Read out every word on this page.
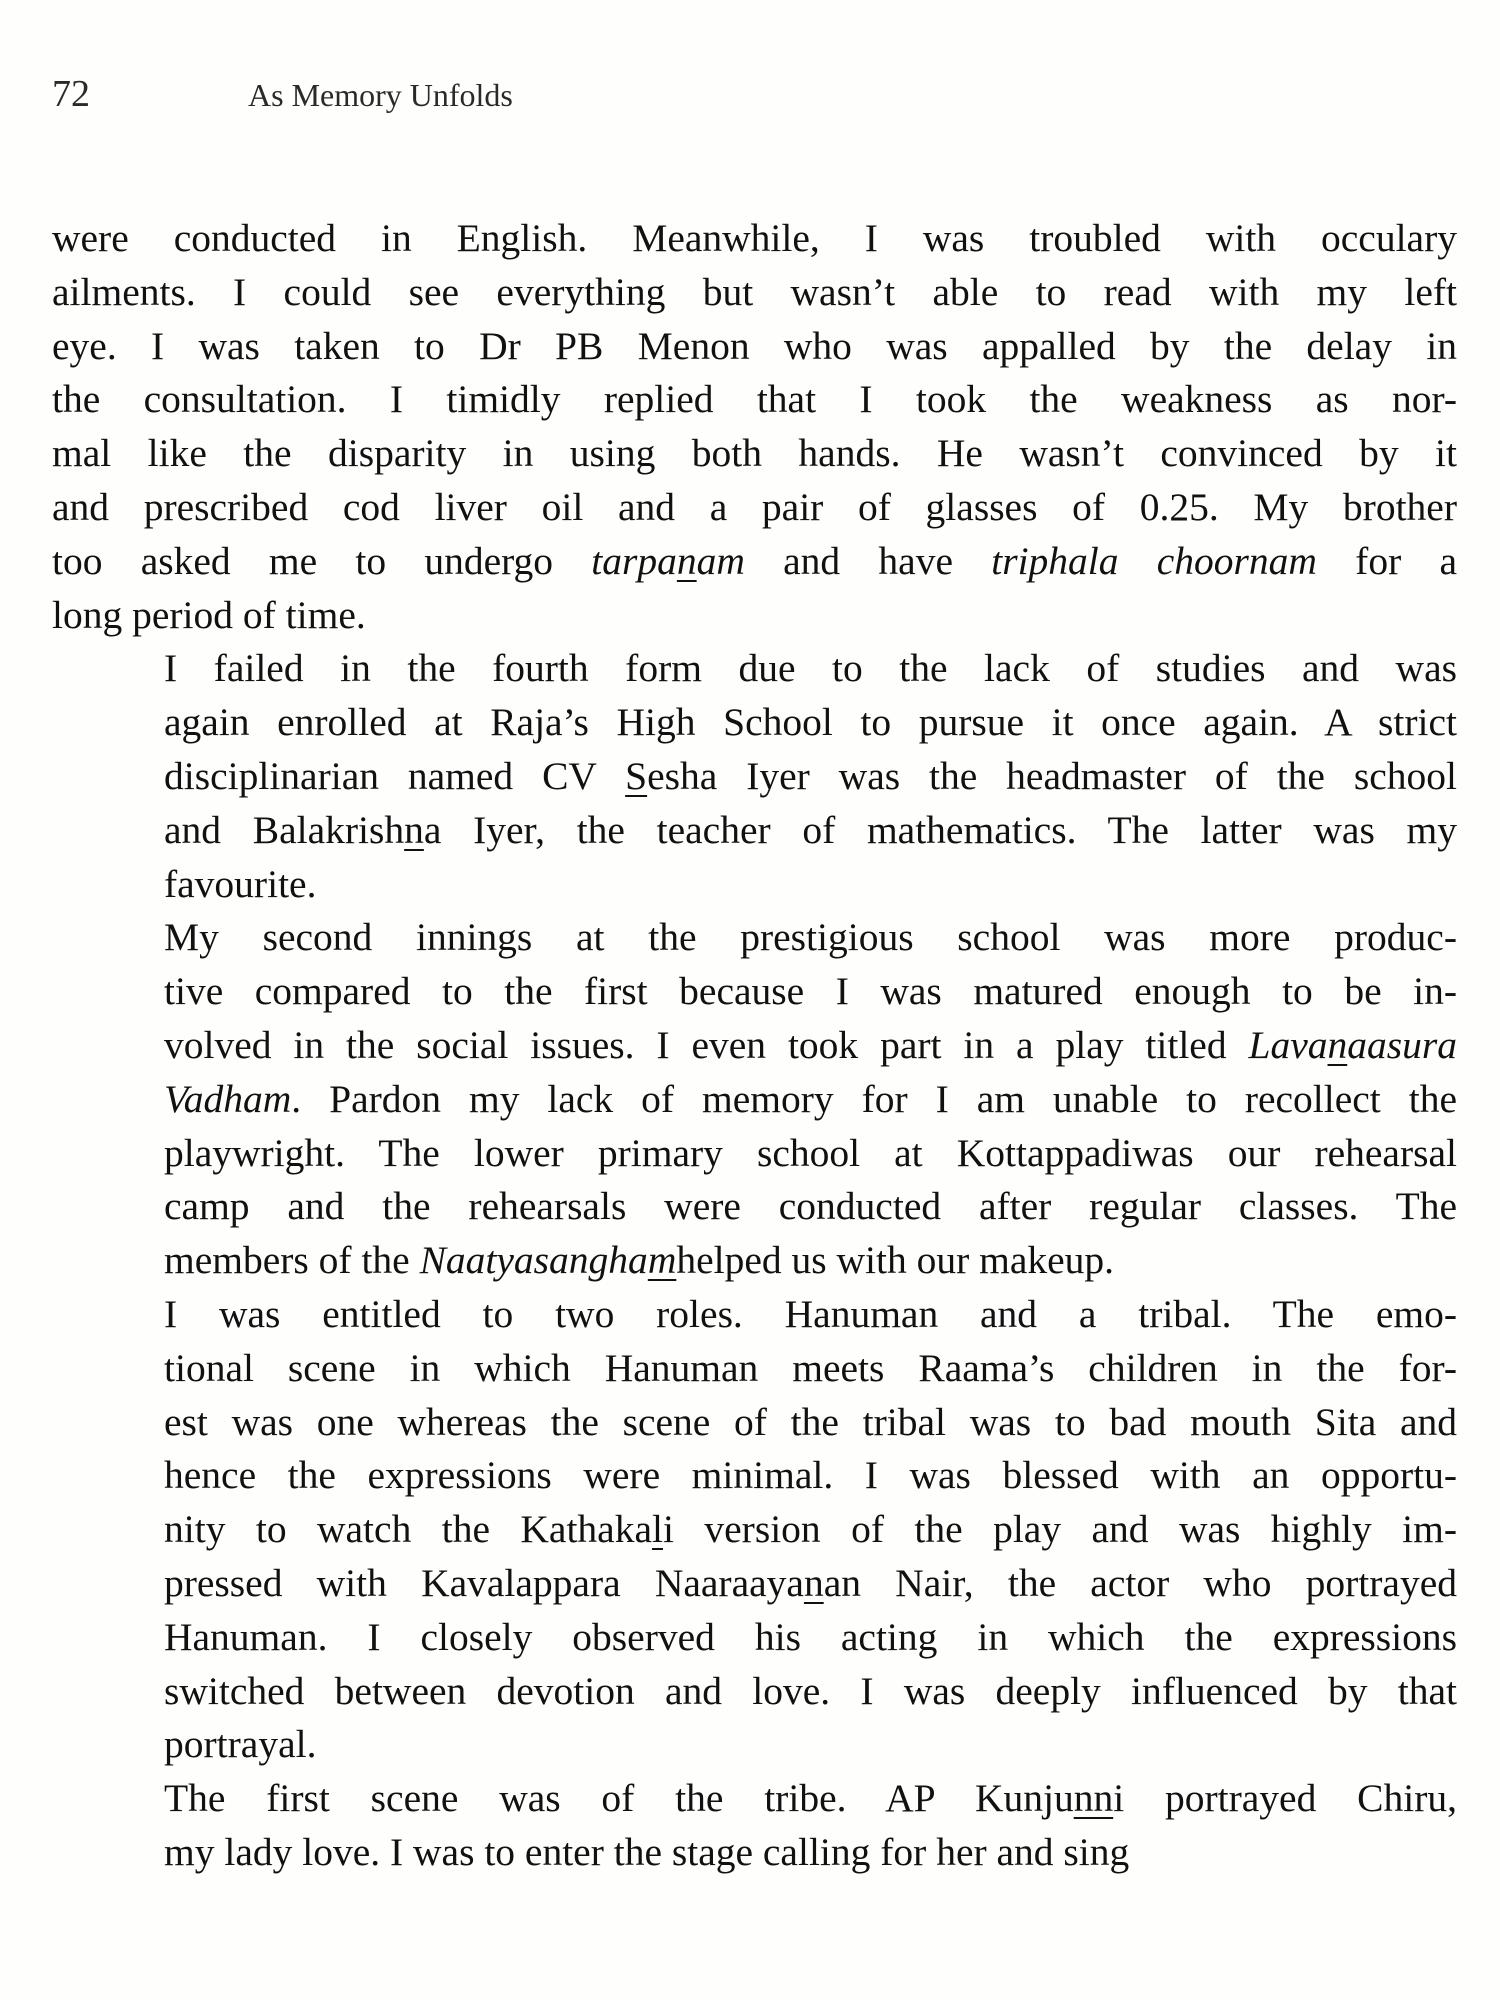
72	As Memory Unfolds

were conducted in English. Meanwhile, I was troubled with occulary
ailments. I could see everything but wasn’t able to read with my left
eye. I was taken to Dr PB Menon who was appalled by the delay in
the consultation. I timidly replied that I took the weakness as nor-
mal like the disparity in using both hands. He wasn’t convinced by it
and prescribed cod liver oil and a pair of glasses of 0.25. My brother
too asked me to undergo tarpanam and have triphala choornam for a
long period of time.

I failed in the fourth form due to the lack of studies and was
again enrolled at Raja’s High School to pursue it once again. A strict
disciplinarian named CV Sesha Iyer was the headmaster of the school
and Balakrishna Iyer, the teacher of mathematics. The latter was my
favourite.

My second innings at the prestigious school was more produc-
tive compared to the first because I was matured enough to be in-
volved in the social issues. I even took part in a play titled Lavanaasura
Vadham. Pardon my lack of memory for I am unable to recollect the
playwright. The lower primary school at Kottappadiwas our rehearsal
camp and the rehearsals were conducted after regular classes. The
members of the Naatyasanghamhelped us with our makeup.

I was entitled to two roles. Hanuman and a tribal. The emo-
tional scene in which Hanuman meets Raama’s children in the for-
est was one whereas the scene of the tribal was to bad mouth Sita and
hence the expressions were minimal. I was blessed with an opportu-
nity to watch the Kathakali version of the play and was highly im-
pressed with Kavalappara Naaraayanan Nair, the actor who portrayed
Hanuman. I closely observed his acting in which the expressions
switched between devotion and love. I was deeply influenced by that
portrayal.

The first scene was of the tribe. AP Kunjunni portrayed Chiru,
my lady love. I was to enter the stage calling for her and sing
